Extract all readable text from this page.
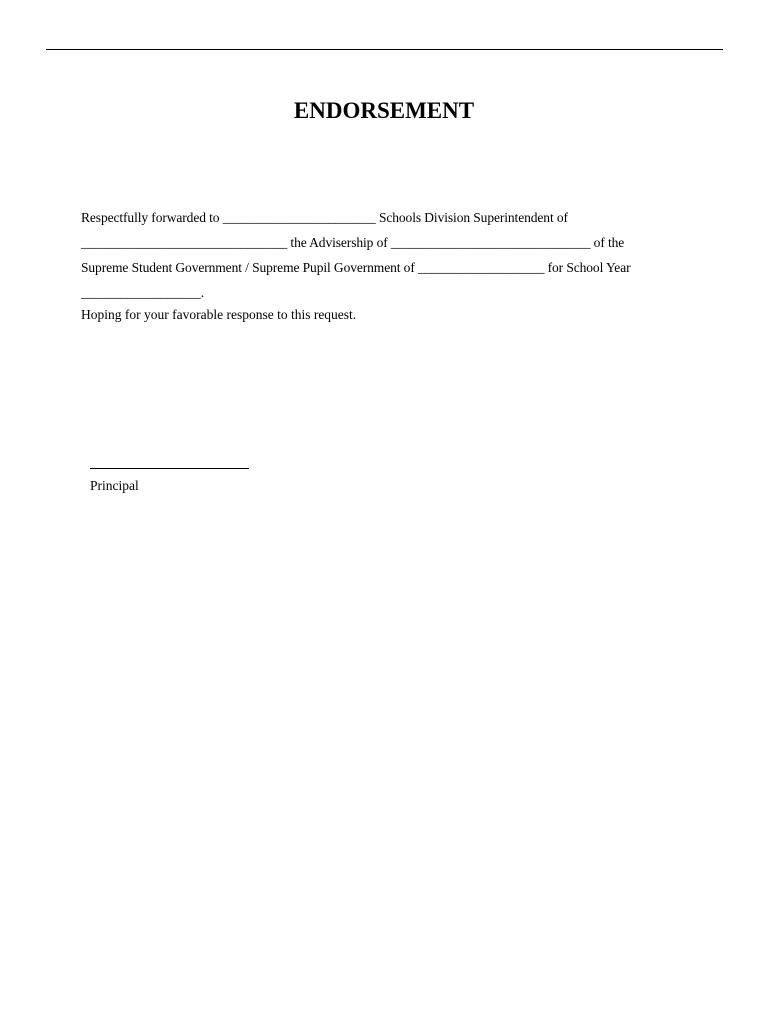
ENDORSEMENT
Respectfully forwarded to _______________________ Schools Division Superintendent of
_______________________________ the Advisership of ______________________________ of the
Supreme Student Government / Supreme Pupil Government of ___________________ for School Year
__________________.
Hoping for your favorable response to this request.
Principal
